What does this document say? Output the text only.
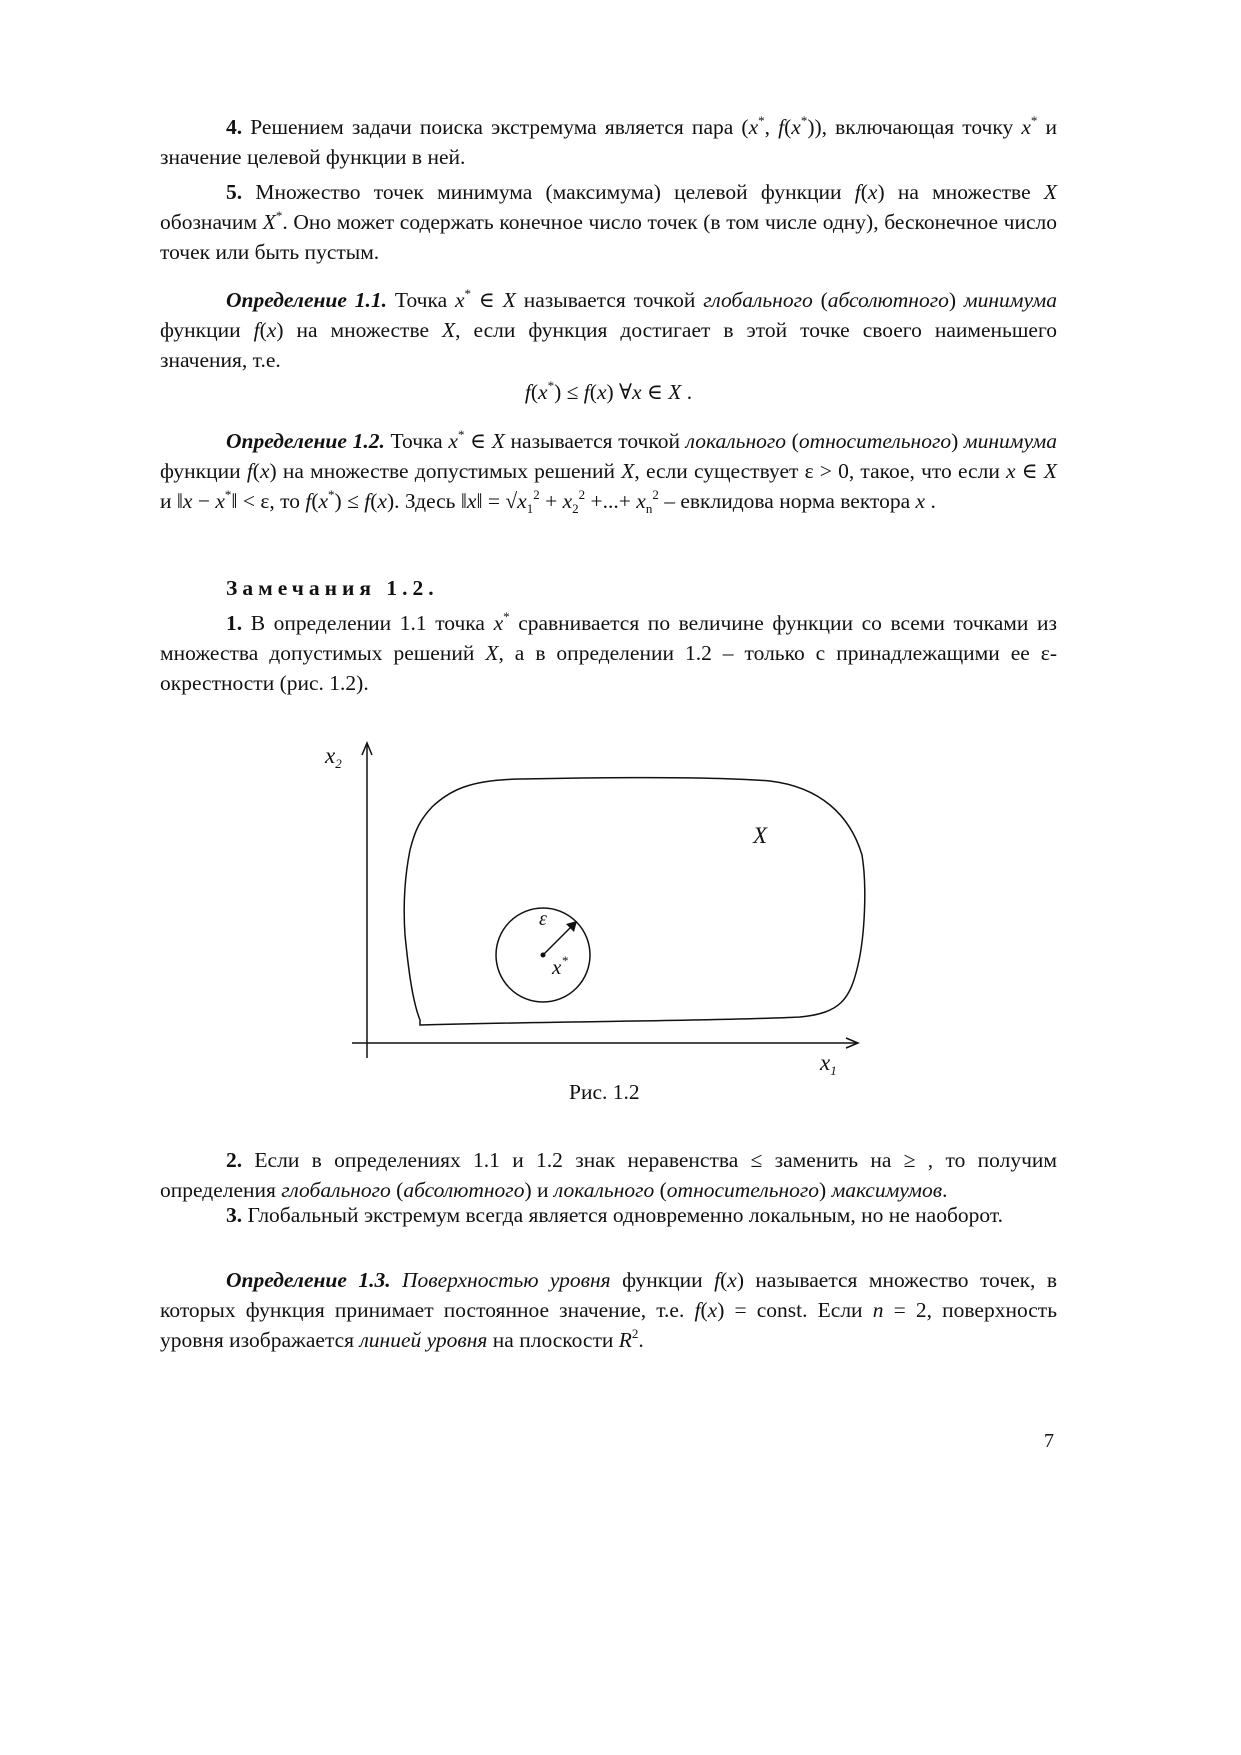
4. Решением задачи поиска экстремума является пара (x*, f(x*)), включающая точку x* и значение целевой функции в ней.
5. Множество точек минимума (максимума) целевой функции f(x) на множестве X обозначим X*. Оно может содержать конечное число точек (в том числе одну), бесконечное число точек или быть пустым.
Определение 1.1. Точка x* ∈ X называется точкой глобального (абсолютного) минимума функции f(x) на множестве X, если функция достигает в этой точке своего наименьшего значения, т.е.
f(x*) ≤ f(x) ∀x ∈ X .
Определение 1.2. Точка x* ∈ X называется точкой локального (относительного) минимума функции f(x) на множестве допустимых решений X, если существует ε > 0, такое, что если x ∈ X и ‖x − x*‖ < ε, то f(x*) ≤ f(x). Здесь ‖x‖ = $√x_1^2 + x_2^2$ +...+ $x_n^2$ – евклидова норма вектора x .
Замечания 1.2.
1. В определении 1.1 точка x* сравнивается по величине функции со всеми точками из множества допустимых решений X, а в определении 1.2 – только с принадлежащими ее ε-окрестности (рис. 1.2).
2. Если в определениях 1.1 и 1.2 знак неравенства ≤ заменить на ≥ , то получим определения глобального (абсолютного) и локального (относительного) максимумов.
3. Глобальный экстремум всегда является одновременно локальным, но не наоборот.
Определение 1.3. Поверхностью уровня функции f(x) называется множество точек, в которых функция принимает постоянное значение, т.е. f(x) = const. Если n = 2, поверхность уровня изображается линией уровня на плоскости $R^2$.
$x_2$
$x_1$
X
ε
x*
Рис. 1.2
7
